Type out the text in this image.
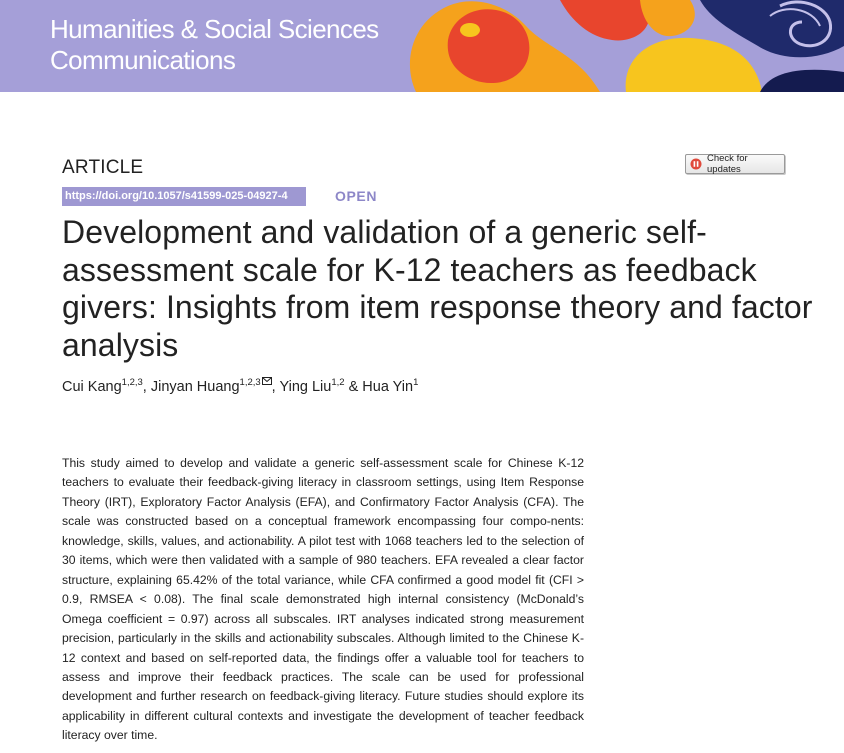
Humanities & Social Sciences
Communications
ARTICLE	Check for updates
https://doi.org/10.1057/s41599-025-04927-4	OPEN
Development and validation of a generic self-assessment scale for K-12 teachers as feedback givers: Insights from item response theory and factor analysis
Cui Kang$^{1,2,3}$, Jinyan Huang$^{1,2,3}$ , Ying Liu$^{1,2}$ & Hua Yin$^1$

This study aimed to develop and validate a generic self-assessment scale for Chinese K-12 teachers to evaluate their feedback-giving literacy in classroom settings, using Item Response Theory (IRT), Exploratory Factor Analysis (EFA), and Confirmatory Factor Analysis (CFA). The scale was constructed based on a conceptual framework encompassing four compo-nents: knowledge, skills, values, and actionability. A pilot test with 1068 teachers led to the selection of 30 items, which were then validated with a sample of 980 teachers. EFA revealed a clear factor structure, explaining 65.42% of the total variance, while CFA confirmed a good model fit (CFI > 0.9, RMSEA < 0.08). The final scale demonstrated high internal consistency (McDonald’s Omega coefficient = 0.97) across all subscales. IRT analyses indicated strong measurement precision, particularly in the skills and actionability subscales. Although limited to the Chinese K-12 context and based on self-reported data, the findings offer a valuable tool for teachers to assess and improve their feedback practices. The scale can be used for professional development and further research on feedback-giving literacy. Future studies should explore its applicability in different cultural contexts and investigate the development of teacher feedback literacy over time.
